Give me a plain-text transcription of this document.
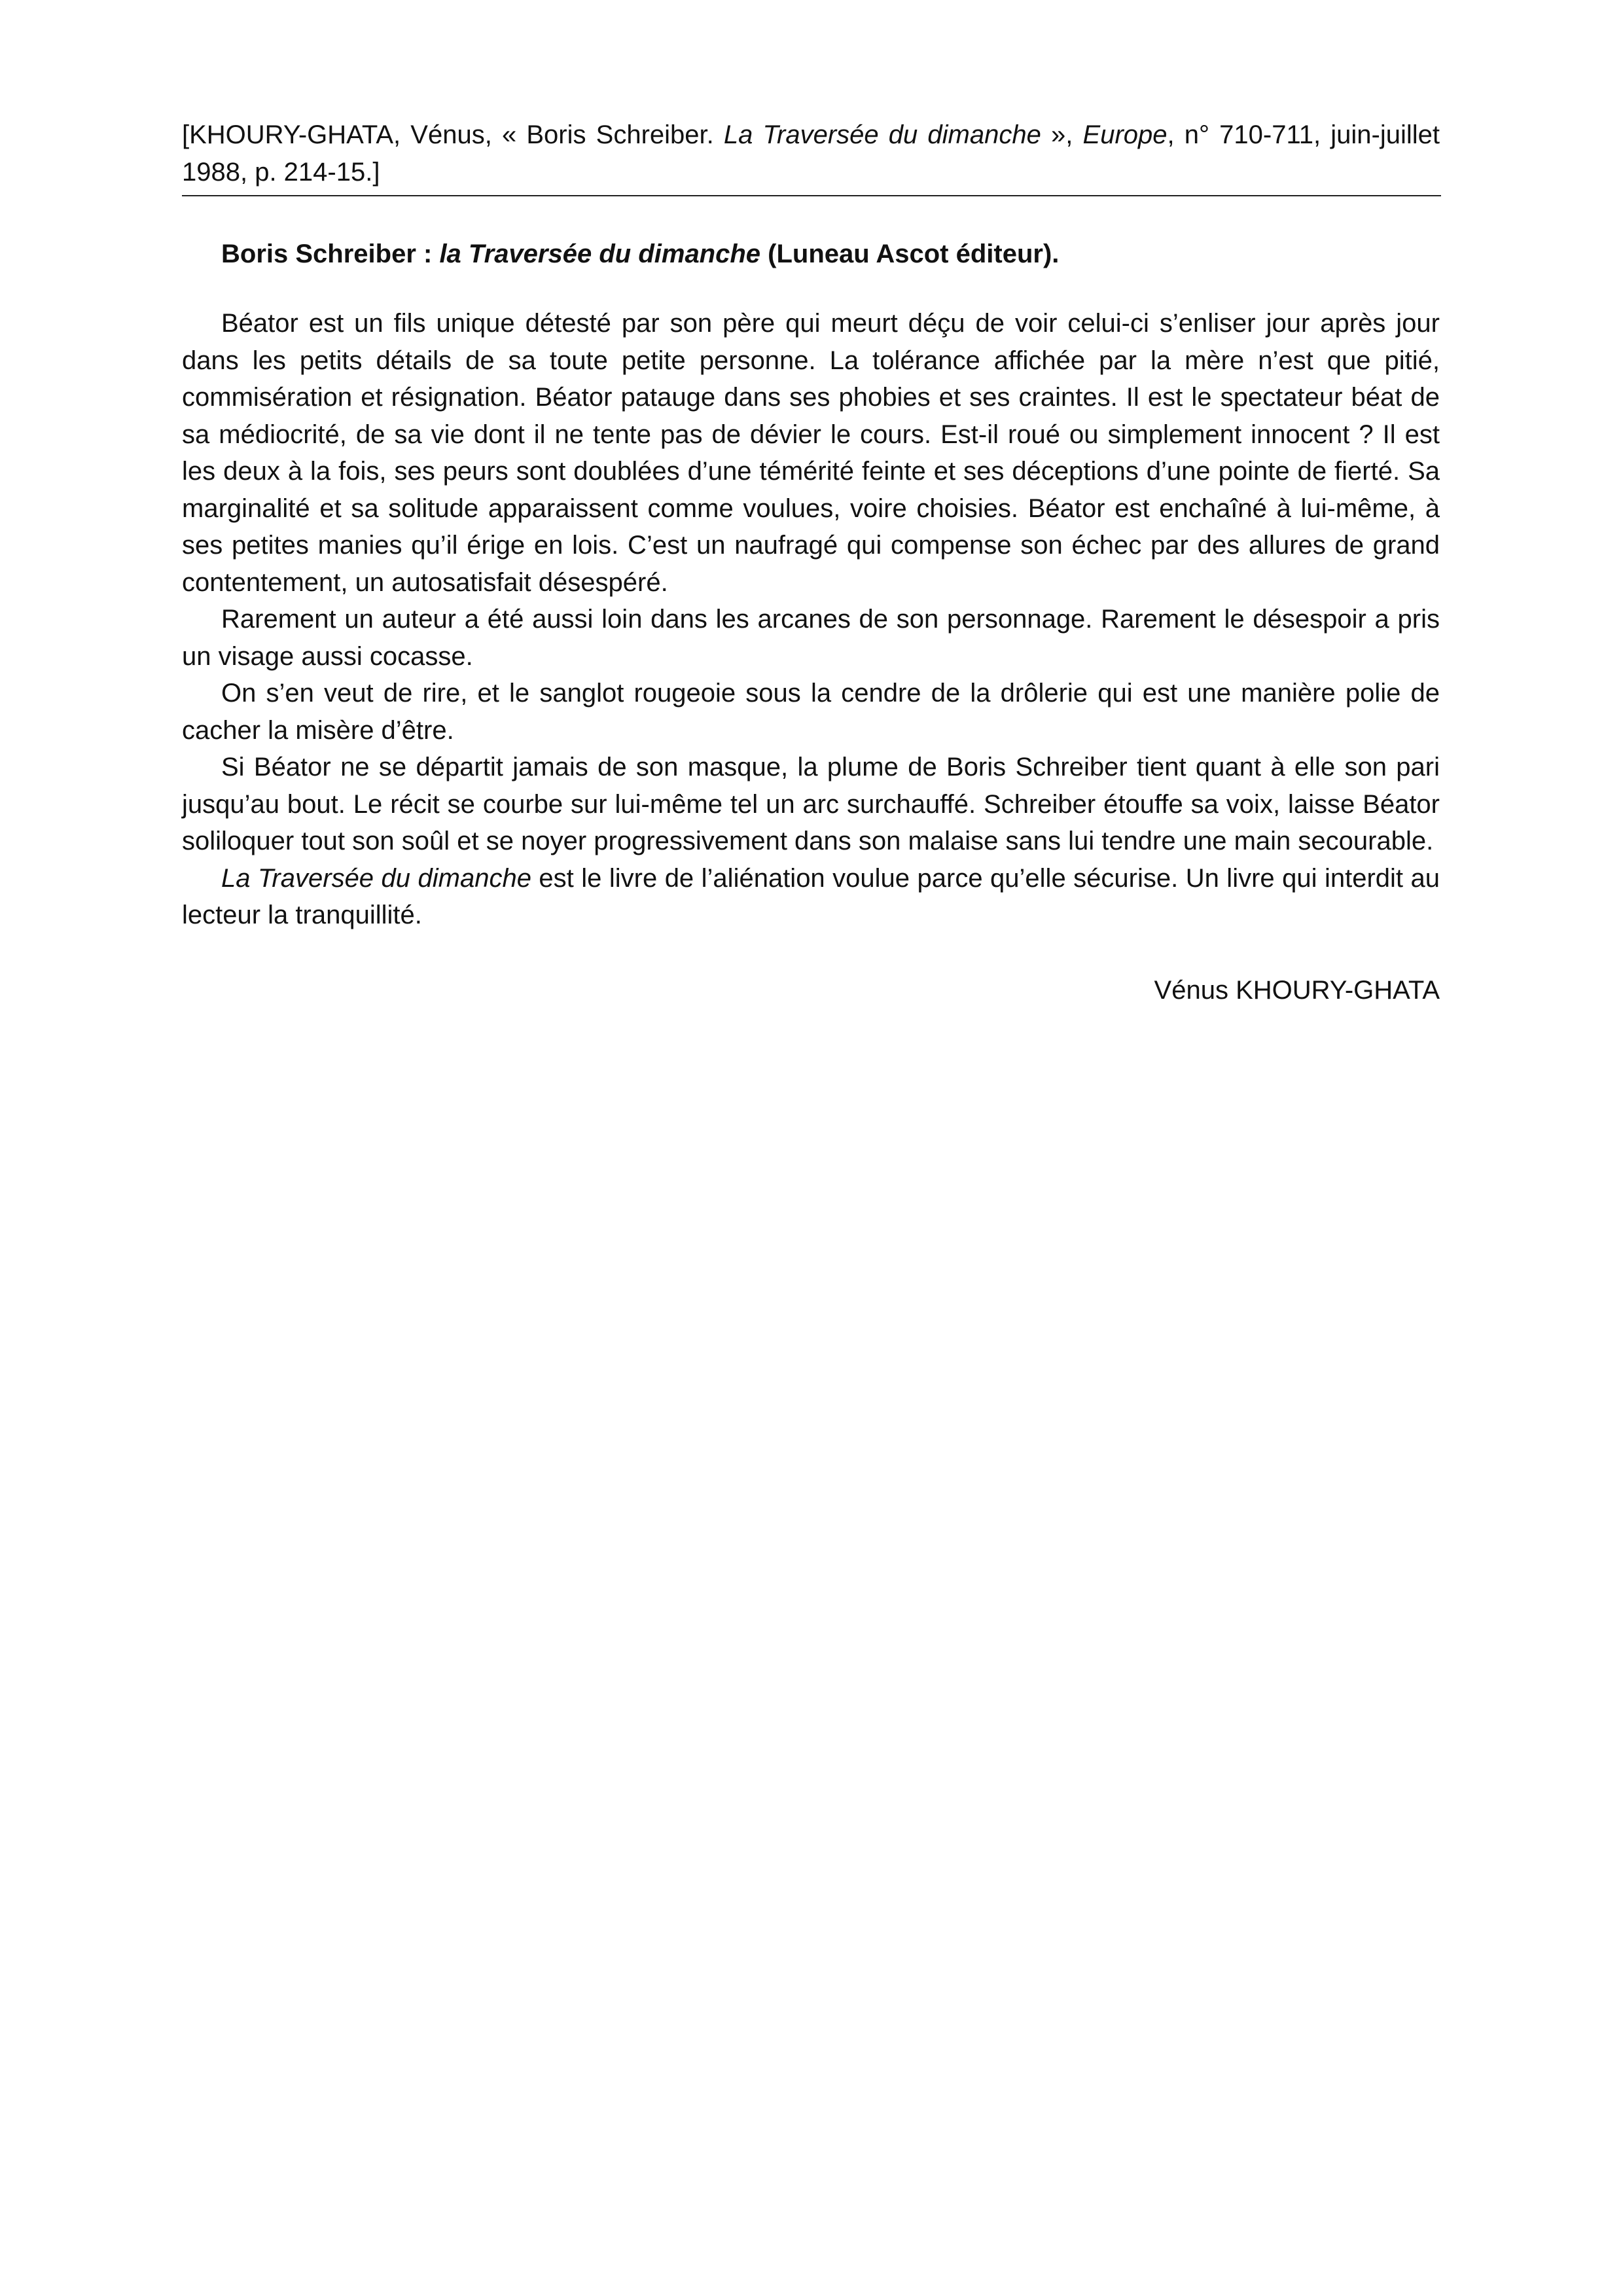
[KHOURY-GHATA, Vénus, « Boris Schreiber. La Traversée du dimanche », Europe, n° 710-711, juin-juillet 1988, p. 214-15.]
Boris Schreiber : la Traversée du dimanche (Luneau Ascot éditeur).

Béator est un fils unique détesté par son père qui meurt déçu de voir celui-ci s’enliser jour après jour dans les petits détails de sa toute petite personne. La tolérance affichée par la mère n’est que pitié, commisération et résignation. Béator patauge dans ses phobies et ses craintes. Il est le spectateur béat de sa médiocrité, de sa vie dont il ne tente pas de dévier le cours. Est-il roué ou simplement innocent ? Il est les deux à la fois, ses peurs sont doublées d’une témérité feinte et ses déceptions d’une pointe de fierté. Sa marginalité et sa solitude apparaissent comme voulues, voire choisies. Béator est enchaîné à lui-même, à ses petites manies qu’il érige en lois. C’est un naufragé qui compense son échec par des allures de grand contentement, un autosatisfait désespéré.

Rarement un auteur a été aussi loin dans les arcanes de son personnage. Rarement le désespoir a pris un visage aussi cocasse.

On s’en veut de rire, et le sanglot rougeoie sous la cendre de la drôlerie qui est une manière polie de cacher la misère d’être.

Si Béator ne se départit jamais de son masque, la plume de Boris Schreiber tient quant à elle son pari jusqu’au bout. Le récit se courbe sur lui-même tel un arc surchauffé. Schreiber étouffe sa voix, laisse Béator soliloquer tout son soûl et se noyer progressivement dans son malaise sans lui tendre une main secourable.

La Traversée du dimanche est le livre de l’aliénation voulue parce qu’elle sécurise. Un livre qui interdit au lecteur la tranquillité.

Vénus KHOURY-GHATA
